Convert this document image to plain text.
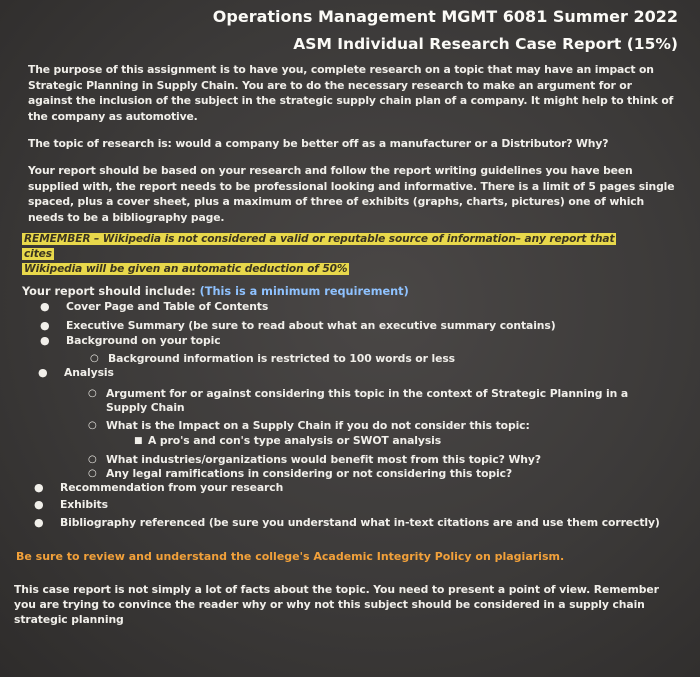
Operations Management MGMT 6081 Summer 2022
ASM Individual Research Case Report (15%)

The purpose of this assignment is to have you, complete research on a topic that may have an impact on Strategic Planning in Supply Chain. You are to do the necessary research to make an argument for or against the inclusion of the subject in the strategic supply chain plan of a company. It might help to think of the company as automotive.

The topic of research is: would a company be better off as a manufacturer or a Distributor? Why?

Your report should be based on your research and follow the report writing guidelines you have been supplied with, the report needs to be professional looking and informative. There is a limit of 5 pages single spaced, plus a cover sheet, plus a maximum of three of exhibits (graphs, charts, pictures) one of which needs to be a bibliography page.

REMEMBER – Wikipedia is not considered a valid or reputable source of information– any report that cites
Wikipedia will be given an automatic deduction of 50%
Your report should include: (This is a minimum requirement)
● Cover Page and Table of Contents
● Executive Summary (be sure to read about what an executive summary contains)
● Background on your topic
○ Background information is restricted to 100 words or less
● Analysis
○ Argument for or against considering this topic in the context of Strategic Planning in a
Supply Chain
○ What is the Impact on a Supply Chain if you do not consider this topic:
■ A pro's and con's type analysis or SWOT analysis
○ What industries/organizations would benefit most from this topic? Why?
○ Any legal ramifications in considering or not considering this topic?
● Recommendation from your research
● Exhibits
● Bibliography referenced (be sure you understand what in-text citations are and use them correctly)
Be sure to review and understand the college's Academic Integrity Policy on plagiarism.

This case report is not simply a lot of facts about the topic. You need to present a point of view. Remember you are trying to convince the reader why or why not this subject should be considered in a supply chain strategic planning
